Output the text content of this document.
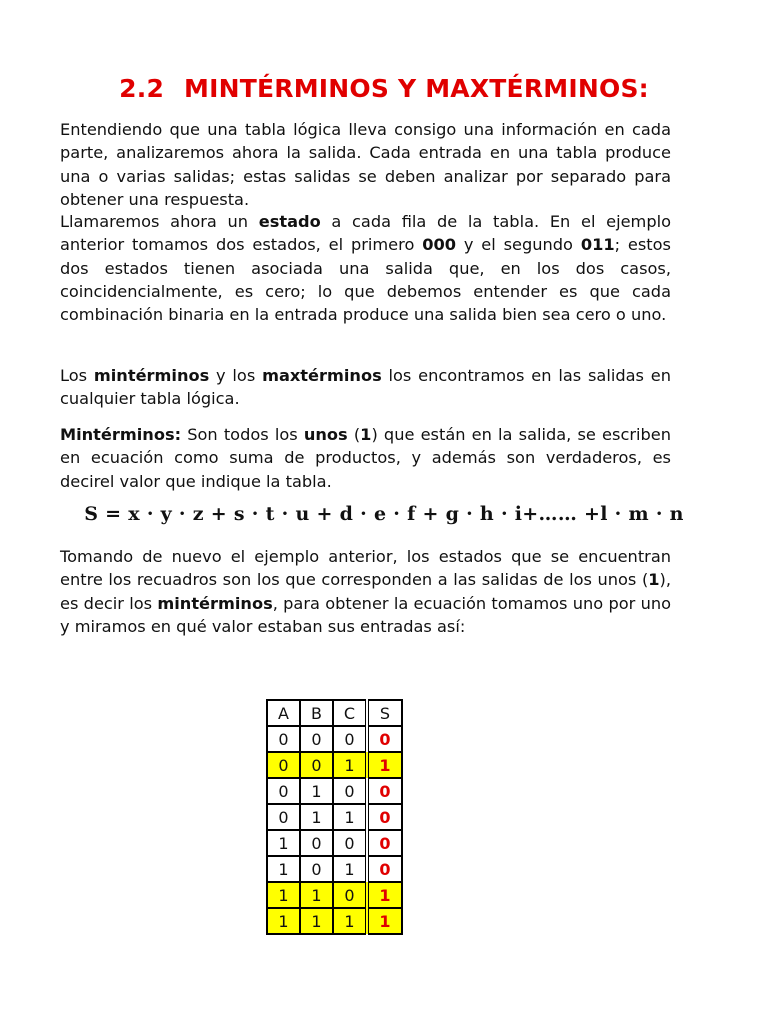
2.2 MINTÉRMINOS Y MAXTÉRMINOS:

Entendiendo que una tabla lógica lleva consigo una información en cada parte, analizaremos ahora la salida. Cada entrada en una tabla produce una o varias salidas; estas salidas se deben analizar por separado para obtener una respuesta.

Llamaremos ahora un estado a cada fila de la tabla. En el ejemplo anterior tomamos dos estados, el primero 000 y el segundo 011; estos dos estados tienen asociada una salida que, en los dos casos, coincidencialmente, es cero; lo que debemos entender es que cada combinación binaria en la entrada produce una salida bien sea cero o uno.

Los mintérminos y los maxtérminos los encontramos en las salidas en cualquier tabla lógica.

Mintérminos: Son todos los unos (1) que están en la salida, se escriben en ecuación como suma de productos, y además son verdaderos, es decirel valor que indique la tabla.

S = x · y · z + s · t · u + d · e · f + g · h · i+…… +l · m · n

Tomando de nuevo el ejemplo anterior, los estados que se encuentran entre los recuadros son los que corresponden a las salidas de los unos (1), es decir los mintérminos, para obtener la ecuación tomamos uno por uno y miramos en qué valor estaban sus entradas así:

A	B	C	S
0	0	0	0
0	0	1	1
0	1	0	0
0	1	1	0
1	0	0	0
1	0	1	0
1	1	0	1
1	1	1	1
